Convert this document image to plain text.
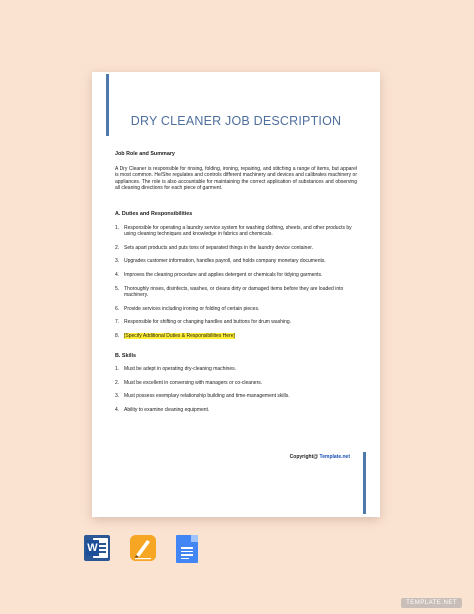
DRY CLEANER JOB DESCRIPTION

Job Role and Summary

A Dry Cleaner is responsible for rinsing, folding, ironing, repairing, and stitching a range of items, but apparel is most common. He/She regulates and controls different machinery and devices and calibrates machinery or appliances. The role is also accountable for maintaining the correct application of substances and observing all cleaning directions for each piece of garment.

A. Duties and Responsibilities

1. Responsible for operating a laundry service system for washing clothing, sheets, and other products by using cleaning techniques and knowledge in fabrics and chemicals.
2. Sets apart products and puts tons of separated things in the laundry device container.
3. Upgrades customer information, handles payroll, and holds company monetary documents.
4. Improves the cleaning procedure and applies detergent or chemicals for tidying garments.
5. Thoroughly rinses, disinfects, washes, or cleans dirty or damaged items before they are loaded into machinery.
6. Provide services including ironing or folding of certain pieces.
7. Responsible for shifting or changing handles and buttons for drum washing.
8. [Specify Additional Duties & Responsibilities Here]

B. Skills

1. Must be adept in operating dry-cleaning machines.
2. Must be excellent in conversing with managers or co-cleaners.
3. Must possess exemplary relationship building and time-management skills.
4. Ability to examine cleaning equipment.
Copyright@ Template.net
W
TEMPLATE.NET
